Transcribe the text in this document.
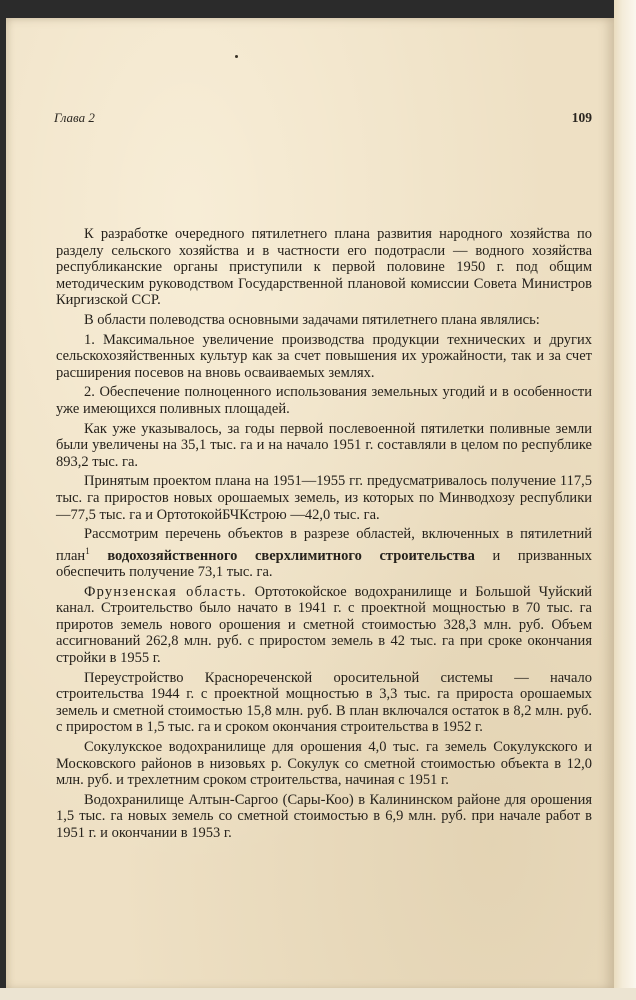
Глава 2	109

К разработке очередного пятилетнего плана развития народного хозяйства по разделу сельского хозяйства и в частности его подотрасли — водного хозяйства республиканские органы приступили к первой половине 1950 г. под общим методическим руководством Государственной плановой комиссии Совета Министров Киргизской ССР.

В области полеводства основными задачами пятилетнего плана являлись:

1. Максимальное увеличение производства продукции технических и других сельскохозяйственных культур как за счет повышения их урожайности, так и за счет расширения посевов на вновь осваиваемых землях.

2. Обеспечение полноценного использования земельных угодий и в особенности уже имеющихся поливных площадей.

Как уже указывалось, за годы первой послевоенной пятилетки поливные земли были увеличены на 35,1 тыс. га и на начало 1951 г. составляли в целом по республике 893,2 тыс. га.

Принятым проектом плана на 1951—1955 гг. предусматривалось получение 117,5 тыс. га приростов новых орошаемых земель, из которых по Минводхозу республики —77,5 тыс. га и ОртотокойБЧКстрою —42,0 тыс. га.

Рассмотрим перечень объектов в разрезе областей, включенных в пятилетний план$^1$ водохозяйственного сверхлимитного строительства и призванных обеспечить получение 73,1 тыс. га.

Фрунзенская область. Ортотокойское водохранилище и Большой Чуйский канал. Строительство было начато в 1941 г. с проектной мощностью в 70 тыс. га приротов земель нового орошения и сметной стоимостью 328,3 млн. руб. Объем ассигнований 262,8 млн. руб. с приростом земель в 42 тыс. га при сроке окончания стройки в 1955 г.

Переустройство Краснореченской оросительной системы — начало строительства 1944 г. с проектной мощностью в 3,3 тыс. га прироста орошаемых земель и сметной стоимостью 15,8 млн. руб. В план включался остаток в 8,2 млн. руб. с приростом в 1,5 тыс. га и сроком окончания строительства в 1952 г.

Сокулукское водохранилище для орошения 4,0 тыс. га земель Сокулукского и Московского районов в низовьях р. Сокулук со сметной стоимостью объекта в 12,0 млн. руб. и трехлетним сроком строительства, начиная с 1951 г.

Водохранилище Алтын-Саргоо (Сары-Коо) в Калининском районе для орошения 1,5 тыс. га новых земель со сметной стоимостью в 6,9 млн. руб. при начале работ в 1951 г. и окончании в 1953 г.
